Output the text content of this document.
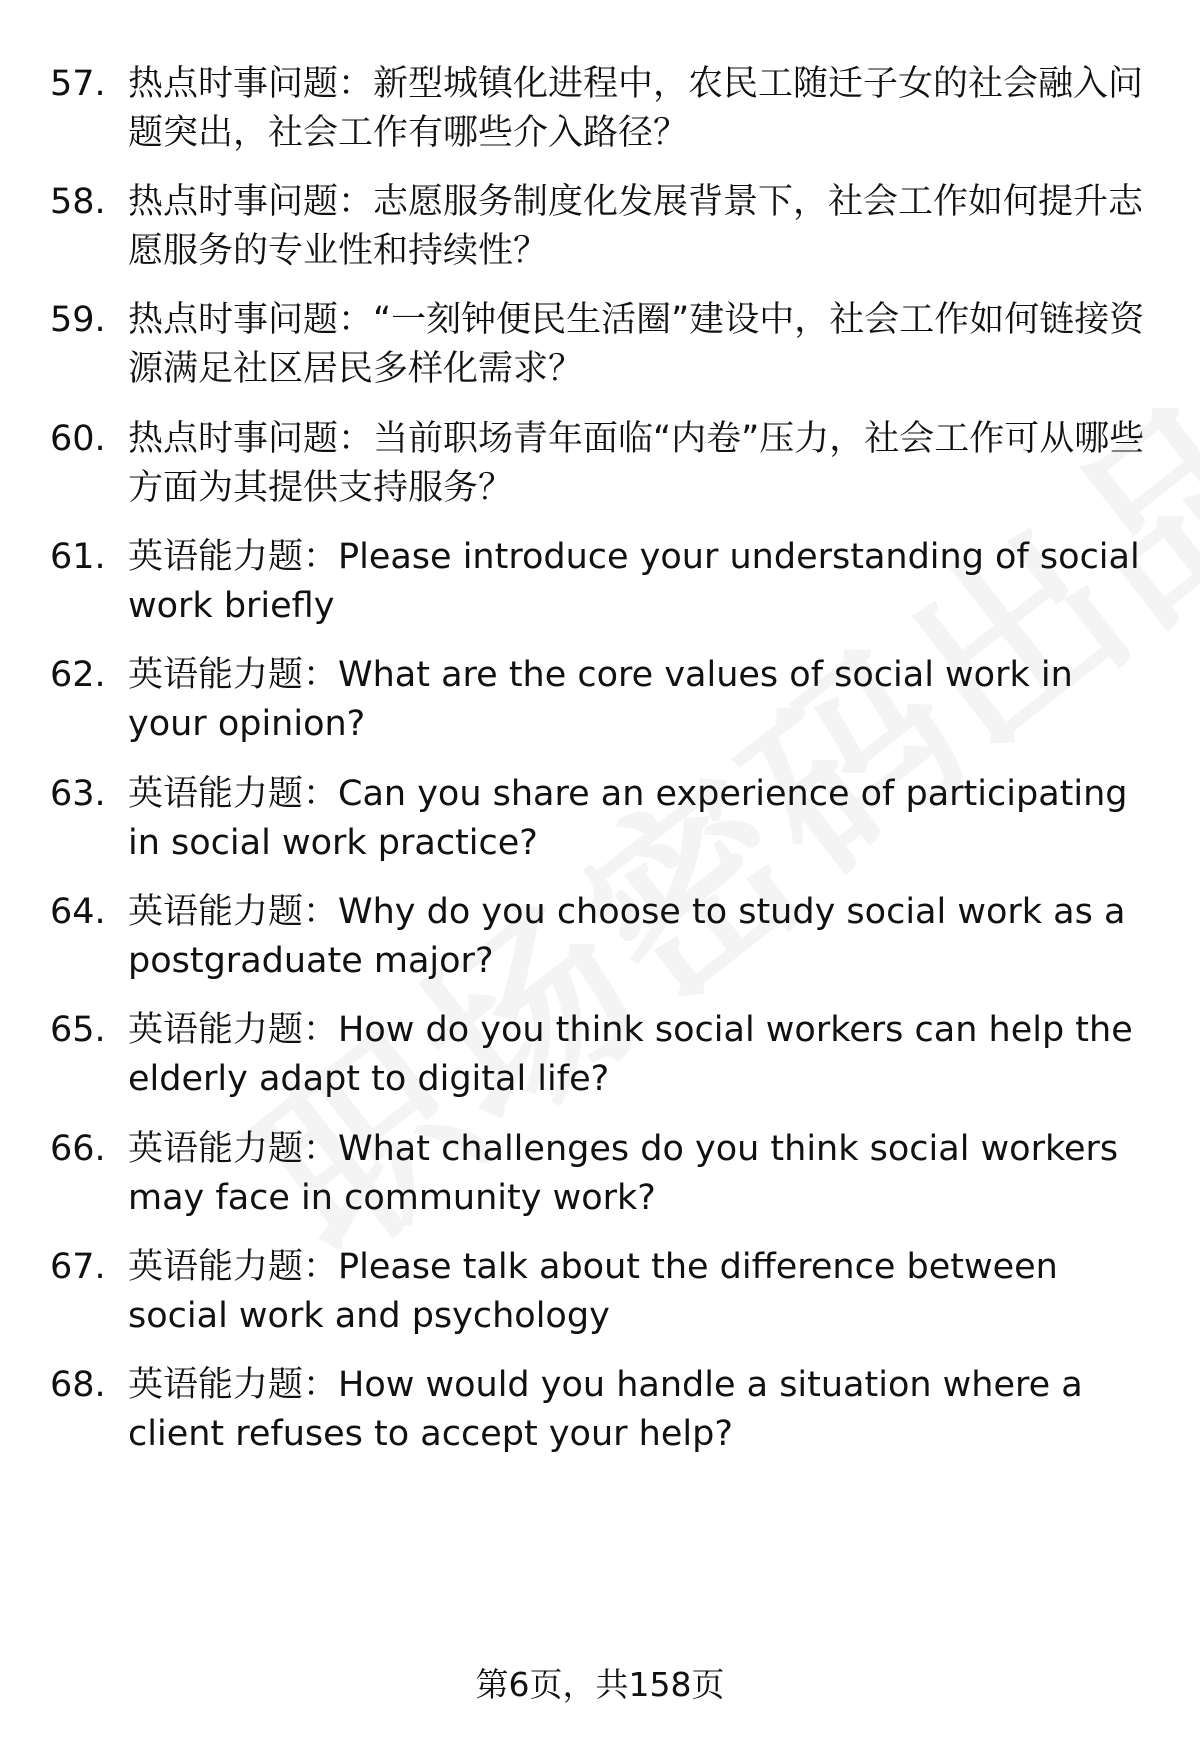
57. 热点时事问题：新型城镇化进程中，农民工随迁子女的社会融入问题突出，社会工作有哪些介入路径？
58. 热点时事问题：志愿服务制度化发展背景下，社会工作如何提升志愿服务的专业性和持续性？
59. 热点时事问题：“一刻钟便民生活圈”建设中，社会工作如何链接资源满足社区居民多样化需求？
60. 热点时事问题：当前职场青年面临“内卷”压力，社会工作可从哪些方面为其提供支持服务？
61. 英语能力题：Please introduce your understanding of social work briefly
62. 英语能力题：What are the core values of social work in your opinion?
63. 英语能力题：Can you share an experience of participating in social work practice?
64. 英语能力题：Why do you choose to study social work as a postgraduate major?
65. 英语能力题：How do you think social workers can help the elderly adapt to digital life?
66. 英语能力题：What challenges do you think social workers may face in community work?
67. 英语能力题：Please talk about the difference between social work and psychology
68. 英语能力题：How would you handle a situation where a client refuses to accept your help?
第6页，共158页
